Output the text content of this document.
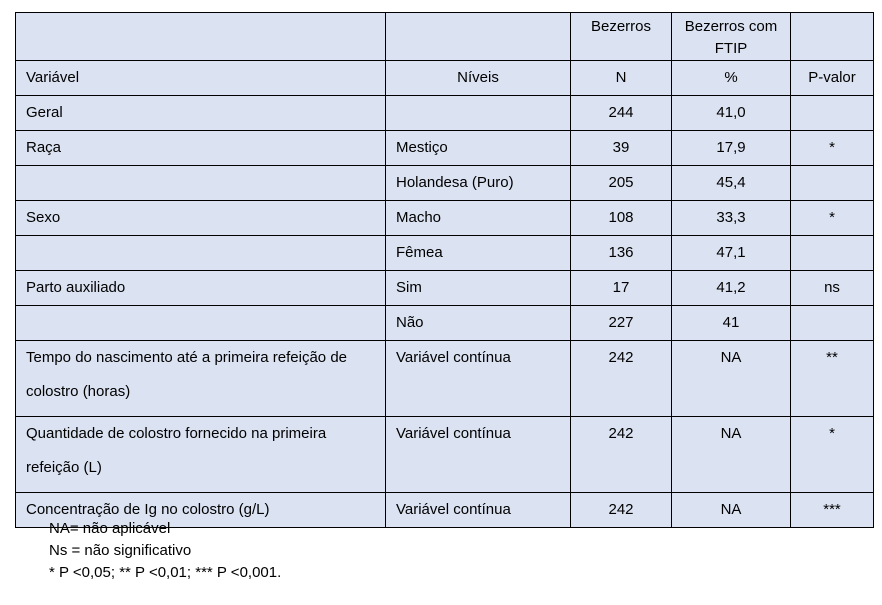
		Bezerros	Bezerros com FTIP	
Variável	Níveis	N	%	P-valor
Geral		244	41,0	
Raça	Mestiço	39	17,9	*
	Holandesa (Puro)	205	45,4	
Sexo	Macho	108	33,3	*
	Fêmea	136	47,1	
Parto auxiliado	Sim	17	41,2	ns
	Não	227	41	
Tempo do nascimento até a primeira refeição de colostro (horas)	Variável contínua	242	NA	**
Quantidade de colostro fornecido na primeira refeição (L)	Variável contínua	242	NA	*
Concentração de Ig no colostro (g/L)	Variável contínua	242	NA	***
NA= não aplicável
Ns = não significativo
* P <0,05; ** P <0,01; *** P <0,001.
